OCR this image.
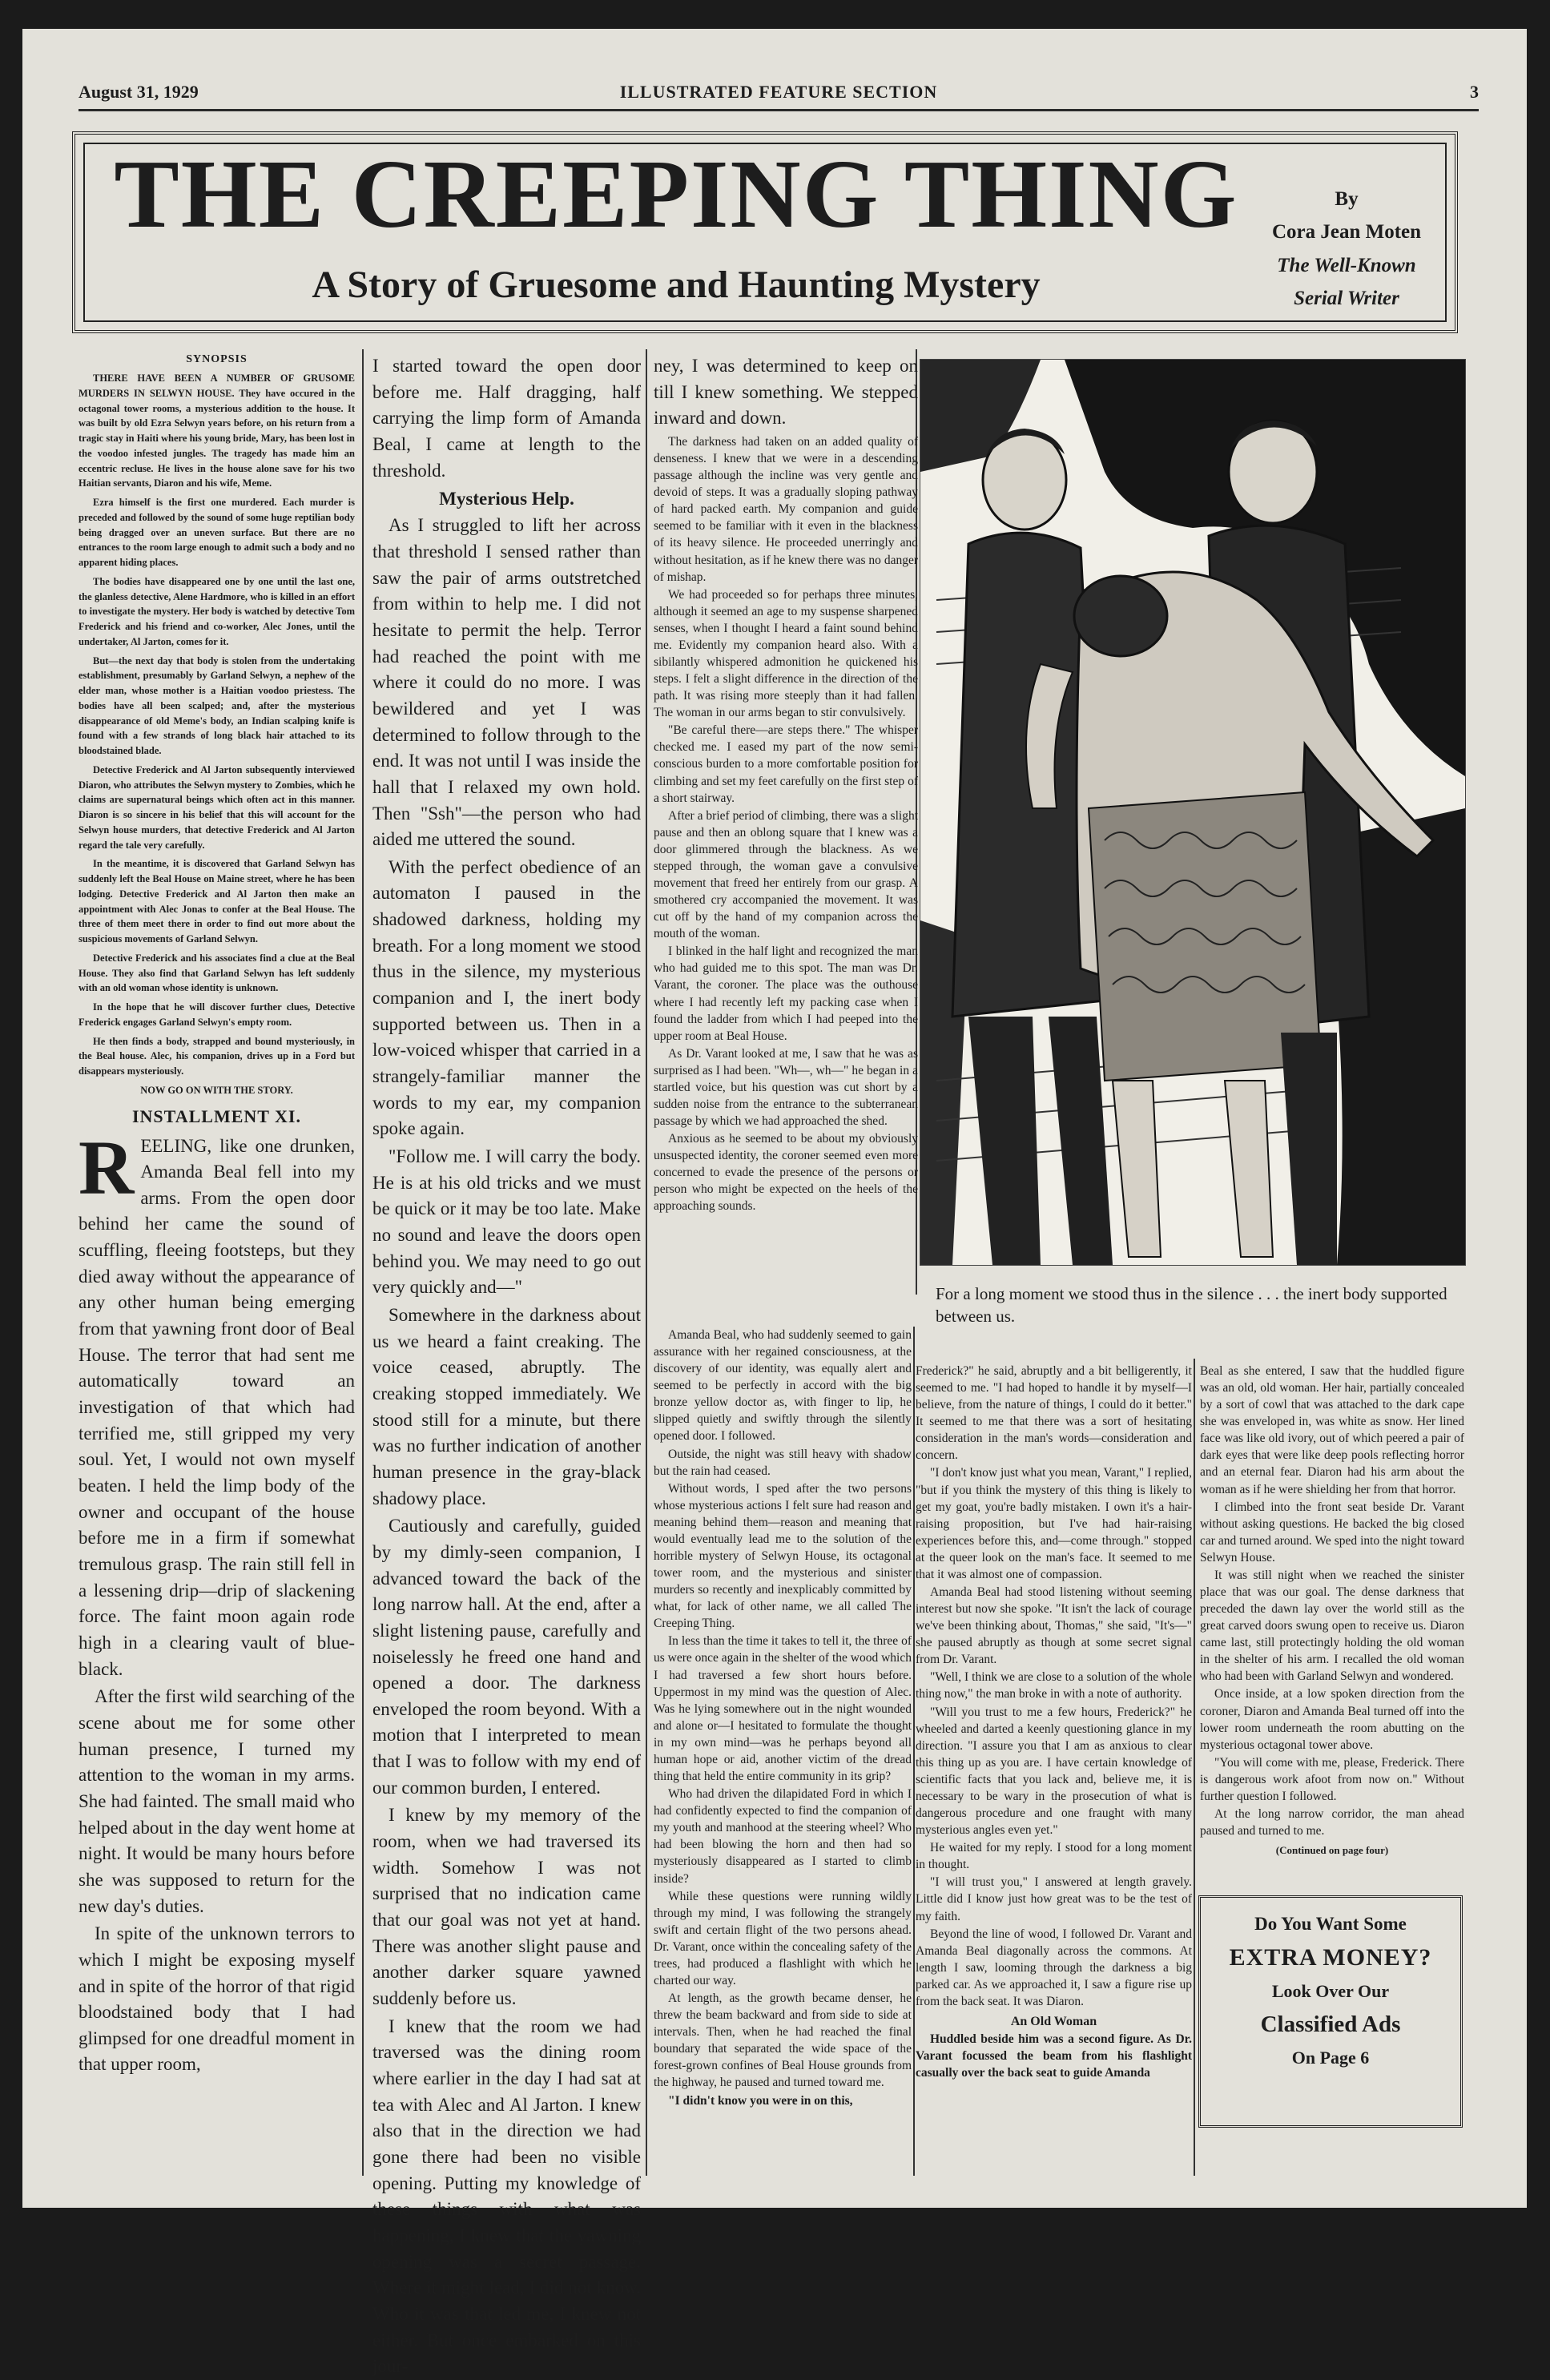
August 31, 1929	ILLUSTRATED FEATURE SECTION	3
THE CREEPING THING
A Story of Gruesome and Haunting Mystery
By
Cora Jean Moten
The Well-Known
Serial Writer
SYNOPSIS

THERE HAVE BEEN A NUMBER OF GRUSOME MURDERS IN SELWYN HOUSE. They have occured in the octagonal tower rooms, a mysterious addition to the house. It was built by old Ezra Selwyn years before, on his return from a tragic stay in Haiti where his young bride, Mary, has been lost in the voodoo infested jungles. The tragedy has made him an eccentric recluse. He lives in the house alone save for his two Haitian servants, Diaron and his wife, Meme.

Ezra himself is the first one murdered. Each murder is preceded and followed by the sound of some huge reptilian body being dragged over an uneven surface. But there are no entrances to the room large enough to admit such a body and no apparent hiding places.

The bodies have disappeared one by one until the last one, the glanless detective, Alene Hardmore, who is killed in an effort to investigate the mystery. Her body is watched by detective Tom Frederick and his friend and co-worker, Alec Jones, until the undertaker, Al Jarton, comes for it.

But—the next day that body is stolen from the undertaking establishment, presumably by Garland Selwyn, a nephew of the elder man, whose mother is a Haitian voodoo priestess. The bodies have all been scalped; and, after the mysterious disappearance of old Meme's body, an Indian scalping knife is found with a few strands of long black hair attached to its bloodstained blade.

Detective Frederick and Al Jarton subsequently interviewed Diaron, who attributes the Selwyn mystery to Zombies, which he claims are supernatural beings which often act in this manner. Diaron is so sincere in his belief that this will account for the Selwyn house murders, that detective Frederick and Al Jarton regard the tale very carefully.

In the meantime, it is discovered that Garland Selwyn has suddenly left the Beal House on Maine street, where he has been lodging. Detective Frederick and Al Jarton then make an appointment with Alec Jonas to confer at the Beal House. The three of them meet there in order to find out more about the suspicious movements of Garland Selwyn.

Detective Frederick and his associates find a clue at the Beal House. They also find that Garland Selwyn has left suddenly with an old woman whose identity is unknown.

In the hope that he will discover further clues, Detective Frederick engages Garland Selwyn's empty room.

He then finds a body, strapped and bound mysteriously, in the Beal house. Alec, his companion, drives up in a Ford but disappears mysteriously.

NOW GO ON WITH THE STORY.

INSTALLMENT XI.

REELING, like one drunken, Amanda Beal fell into my arms. From the open door behind her came the sound of scuffling, fleeing footsteps, but they died away without the appearance of any other human being emerging from that yawning front door of Beal House. The terror that had sent me automatically toward an investigation of that which had terrified me, still gripped my very soul. Yet, I would not own myself beaten. I held the limp body of the owner and occupant of the house before me in a firm if somewhat tremulous grasp. The rain still fell in a lessening drip—drip of slackening force. The faint moon again rode high in a clearing vault of blue-black.

After the first wild searching of the scene about me for some other human presence, I turned my attention to the woman in my arms. She had fainted. The small maid who helped about in the day went home at night. It would be many hours before she was supposed to return for the new day's duties.

In spite of the unknown terrors to which I might be exposing myself and in spite of the horror of that rigid bloodstained body that I had glimpsed for one dreadful moment in that upper room,

I started toward the open door before me. Half dragging, half carrying the limp form of Amanda Beal, I came at length to the threshold.

Mysterious Help.

As I struggled to lift her across that threshold I sensed rather than saw the pair of arms outstretched from within to help me. I did not hesitate to permit the help. Terror had reached the point with me where it could do no more. I was bewildered and yet I was determined to follow through to the end. It was not until I was inside the hall that I relaxed my own hold. Then "Ssh"—the person who had aided me uttered the sound.

With the perfect obedience of an automaton I paused in the shadowed darkness, holding my breath. For a long moment we stood thus in the silence, my mysterious companion and I, the inert body supported between us. Then in a low-voiced whisper that carried in a strangely-familiar manner the words to my ear, my companion spoke again.

"Follow me. I will carry the body. He is at his old tricks and we must be quick or it may be too late. Make no sound and leave the doors open behind you. We may need to go out very quickly and—"

Somewhere in the darkness about us we heard a faint creaking. The voice ceased, abruptly. The creaking stopped immediately. We stood still for a minute, but there was no further indication of another human presence in the gray-black shadowy place.

Cautiously and carefully, guided by my dimly-seen companion, I advanced toward the back of the long narrow hall. At the end, after a slight listening pause, carefully and noiselessly he freed one hand and opened a door. The darkness enveloped the room beyond. With a motion that I interpreted to mean that I was to follow with my end of our common burden, I entered.

I knew by my memory of the room, when we had traversed its width. Somehow I was not surprised that no indication came that our goal was not yet at hand. There was another slight pause and another darker square yawned suddenly before us.

I knew that the room we had traversed was the dining room where earlier in the day I had sat at tea with Alec and Al Jarton. I knew also that in the direction we had gone there had been no visible opening. Putting my knowledge of these things with what was happening, I knew that the yawning opening was a secret passage. Where it might lead, I did not know. Who it was that led me, I knew not either. But once embarked on this jour-

ney, I was determined to keep on till I knew something. We stepped inward and down.

The darkness had taken on an added quality of denseness. I knew that we were in a descending passage although the incline was very gentle and devoid of steps. It was a gradually sloping pathway of hard packed earth. My companion and guide seemed to be familiar with it even in the blackness of its heavy silence. He proceeded unerringly and without hesitation, as if he knew there was no danger of mishap.

We had proceeded so for perhaps three minutes, although it seemed an age to my suspense sharpened senses, when I thought I heard a faint sound behind me. Evidently my companion heard also. With a sibilantly whispered admonition he quickened his steps. I felt a slight difference in the direction of the path. It was rising more steeply than it had fallen. The woman in our arms began to stir convulsively.

"Be careful there—are steps there." The whisper checked me. I eased my part of the now semi-conscious burden to a more comfortable position for climbing and set my feet carefully on the first step of a short stairway.

After a brief period of climbing, there was a slight pause and then an oblong square that I knew was a door glimmered through the blackness. As we stepped through, the woman gave a convulsive movement that freed her entirely from our grasp. A smothered cry accompanied the movement. It was cut off by the hand of my companion across the mouth of the woman.

I blinked in the half light and recognized the man who had guided me to this spot. The man was Dr. Varant, the coroner. The place was the outhouse where I had recently left my packing case when I found the ladder from which I had peeped into the upper room at Beal House.

As Dr. Varant looked at me, I saw that he was as surprised as I had been. "Wh—, wh—" he began in a startled voice, but his question was cut short by a sudden noise from the entrance to the subterranean passage by which we had approached the shed.

Anxious as he seemed to be about my obviously unsuspected identity, the coroner seemed even more concerned to evade the presence of the persons or person who might be expected on the heels of the approaching sounds.

For a long moment we stood thus in the silence . . . the inert body supported between us.

Amanda Beal, who had suddenly seemed to gain assurance with her regained consciousness, at the discovery of our identity, was equally alert and seemed to be perfectly in accord with the big bronze yellow doctor as, with finger to lip, he slipped quietly and swiftly through the silently opened door. I followed.

Outside, the night was still heavy with shadow but the rain had ceased.

Without words, I sped after the two persons whose mysterious actions I felt sure had reason and meaning behind them—reason and meaning that would eventually lead me to the solution of the horrible mystery of Selwyn House, its octagonal tower room, and the mysterious and sinister murders so recently and inexplicably committed by what, for lack of other name, we all called The Creeping Thing.

In less than the time it takes to tell it, the three of us were once again in the shelter of the wood which I had traversed a few short hours before. Uppermost in my mind was the question of Alec. Was he lying somewhere out in the night wounded and alone or—I hesitated to formulate the thought in my own mind—was he perhaps beyond all human hope or aid, another victim of the dread thing that held the entire community in its grip?

Who had driven the dilapidated Ford in which I had confidently expected to find the companion of my youth and manhood at the steering wheel? Who had been blowing the horn and then had so mysteriously disappeared as I started to climb inside?

While these questions were running wildly through my mind, I was following the strangely swift and certain flight of the two persons ahead. Dr. Varant, once within the concealing safety of the trees, had produced a flashlight with which he charted our way.

At length, as the growth became denser, he threw the beam backward and from side to side at intervals. Then, when he had reached the final boundary that separated the wide space of the forest-grown confines of Beal House grounds from the highway, he paused and turned toward me.

"I didn't know you were in on this,

Frederick?" he said, abruptly and a bit belligerently, it seemed to me. "I had hoped to handle it by myself—I believe, from the nature of things, I could do it better." It seemed to me that there was a sort of hesitating consideration in the man's words—consideration and concern.

"I don't know just what you mean, Varant," I replied, "but if you think the mystery of this thing is likely to get my goat, you're badly mistaken. I own it's a hair-raising proposition, but I've had hair-raising experiences before this, and—come through." stopped at the queer look on the man's face. It seemed to me that it was almost one of compassion.

Amanda Beal had stood listening without seeming interest but now she spoke. "It isn't the lack of courage we've been thinking about, Thomas," she said, "It's—" she paused abruptly as though at some secret signal from Dr. Varant.

"Well, I think we are close to a solution of the whole thing now," the man broke in with a note of authority.

"Will you trust to me a few hours, Frederick?" he wheeled and darted a keenly questioning glance in my direction. "I assure you that I am as anxious to clear this thing up as you are. I have certain knowledge of scientific facts that you lack and, believe me, it is necessary to be wary in the prosecution of what is dangerous procedure and one fraught with many mysterious angles even yet."

He waited for my reply. I stood for a long moment in thought.

"I will trust you," I answered at length gravely. Little did I know just how great was to be the test of my faith.

Beyond the line of wood, I followed Dr. Varant and Amanda Beal diagonally across the commons. At length I saw, looming through the darkness a big parked car. As we approached it, I saw a figure rise up from the back seat. It was Diaron.

An Old Woman

Huddled beside him was a second figure. As Dr. Varant focussed the beam from his flashlight casually over the back seat to guide Amanda

Beal as she entered, I saw that the huddled figure was an old, old woman. Her hair, partially concealed by a sort of cowl that was attached to the dark cape she was enveloped in, was white as snow. Her lined face was like old ivory, out of which peered a pair of dark eyes that were like deep pools reflecting horror and an eternal fear. Diaron had his arm about the woman as if he were shielding her from that horror.

I climbed into the front seat beside Dr. Varant without asking questions. He backed the big closed car and turned around. We sped into the night toward Selwyn House.

It was still night when we reached the sinister place that was our goal. The dense darkness that preceded the dawn lay over the world still as the great carved doors swung open to receive us. Diaron came last, still protectingly holding the old woman in the shelter of his arm. I recalled the old woman who had been with Garland Selwyn and wondered.

Once inside, at a low spoken direction from the coroner, Diaron and Amanda Beal turned off into the lower room underneath the room abutting on the mysterious octagonal tower above.

"You will come with me, please, Frederick. There is dangerous work afoot from now on." Without further question I followed.

At the long narrow corridor, the man ahead paused and turned to me.

(Continued on page four)
Do You Want Some
EXTRA MONEY?
Look Over Our
Classified Ads
On Page 6
